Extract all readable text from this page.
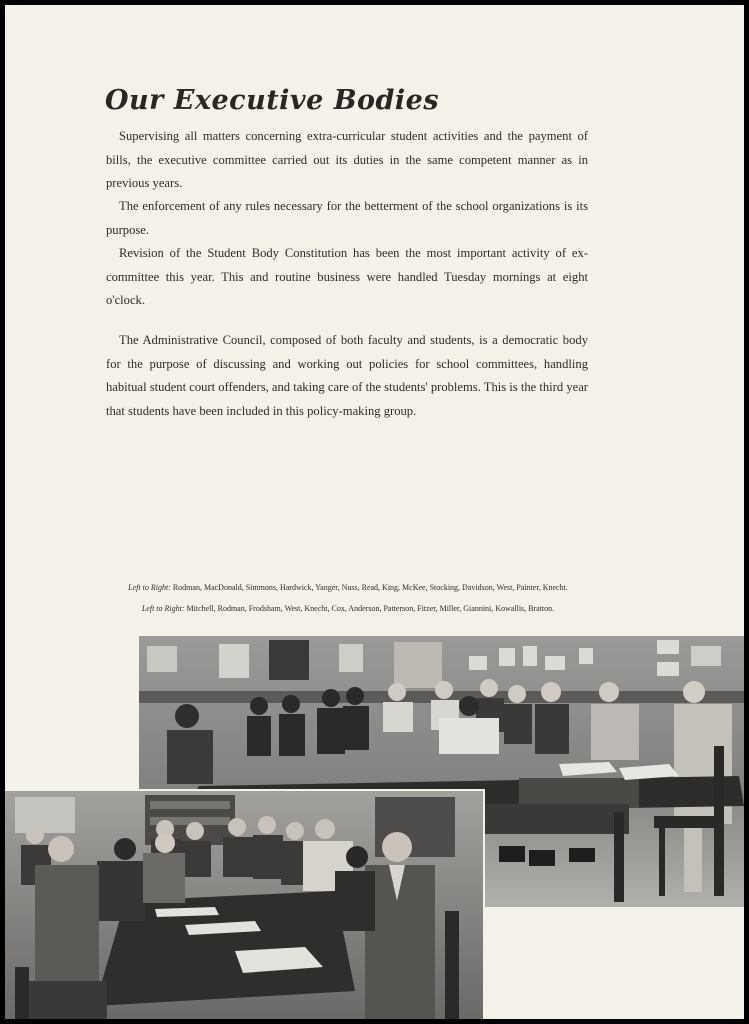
Our Executive Bodies

Supervising all matters concerning extra-curricular student activities and the payment of bills, the executive committee carried out its duties in the same competent manner as in previous years.

The enforcement of any rules necessary for the betterment of the school organizations is its purpose.

Revision of the Student Body Constitution has been the most important activity of ex-committee this year. This and routine business were handled Tuesday mornings at eight o'clock.

The Administrative Council, composed of both faculty and students, is a democratic body for the purpose of discussing and working out policies for school committees, handling habitual student court offenders, and taking care of the students' problems. This is the third year that students have been included in this policy-making group.

Left to Right: Rodman, MacDonald, Simmons, Hardwick, Yanger, Nuss, Read, King, McKee, Stocking, Davidson, West, Painter, Knecht.
Left to Right: Mitchell, Rodman, Frodsham, West, Knecht, Cox, Anderson, Patterson, Fitzer, Miller, Giannini, Kowallis, Bratton.
